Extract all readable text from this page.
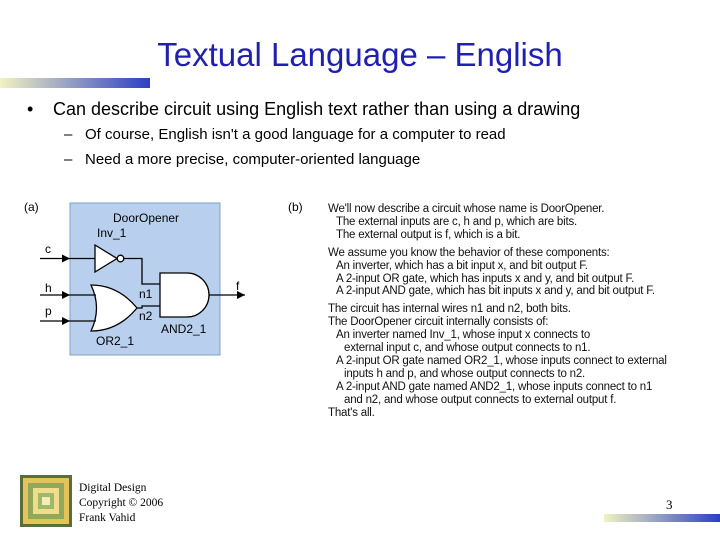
Textual Language – English
• Can describe circuit using English text rather than using a drawing
– Of course, English isn't a good language for a computer to read
– Need a more precise, computer-oriented language
(a)
DoorOpener
Inv_1
c
h
p
n1
n2
f
OR2_1
AND2_1
(b) We'll now describe a circuit whose name is DoorOpener.
The external inputs are c, h and p, which are bits.
The external output is f, which is a bit.
We assume you know the behavior of these components:
An inverter, which has a bit input x, and bit output F.
A 2-input OR gate, which has inputs x and y, and bit output F.
A 2-input AND gate, which has bit inputs x and y, and bit output F.
The circuit has internal wires n1 and n2, both bits.
The DoorOpener circuit internally consists of:
An inverter named Inv_1, whose input x connects to
external input c, and whose output connects to n1.
A 2-input OR gate named OR2_1, whose inputs connect to external
inputs h and p, and whose output connects to n2.
A 2-input AND gate named AND2_1, whose inputs connect to n1
and n2, and whose output connects to external output f.
That's all.
Digital Design
Copyright © 2006
Frank Vahid
3
